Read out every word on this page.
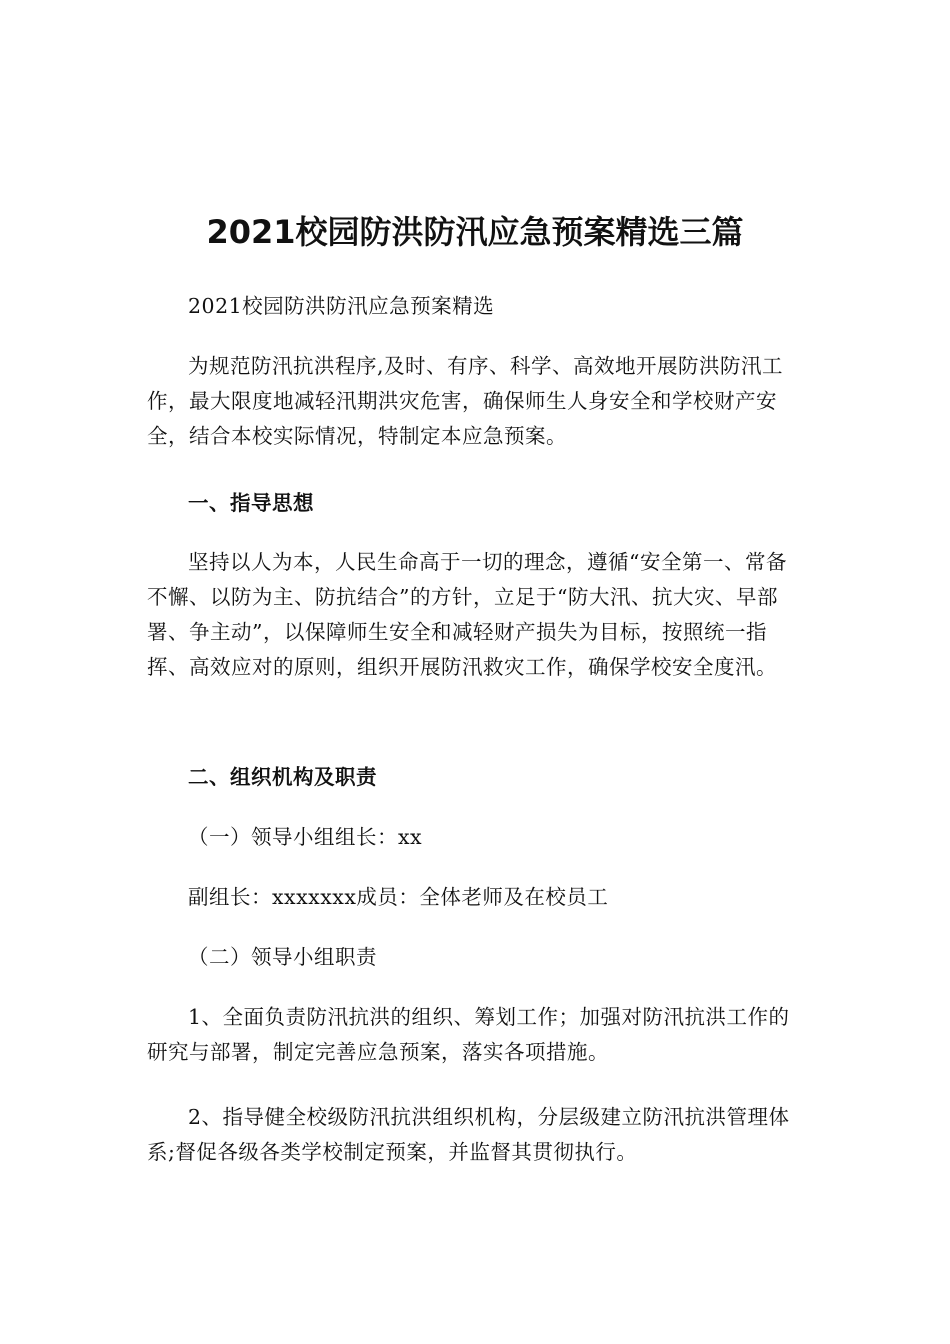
2021校园防洪防汛应急预案精选三篇

2021校园防洪防汛应急预案精选

为规范防汛抗洪程序,及时、有序、科学、高效地开展防洪防汛工作，最大限度地减轻汛期洪灾危害，确保师生人身安全和学校财产安全，结合本校实际情况，特制定本应急预案。

一、指导思想

坚持以人为本，人民生命高于一切的理念，遵循“安全第一、常备不懈、以防为主、防抗结合”的方针，立足于“防大汛、抗大灾、早部署、争主动”，以保障师生安全和减轻财产损失为目标，按照统一指挥、高效应对的原则，组织开展防汛救灾工作，确保学校安全度汛。

二、组织机构及职责

（一）领导小组组长：xx

副组长：xxxxxxx成员：全体老师及在校员工

（二）领导小组职责

1、全面负责防汛抗洪的组织、筹划工作；加强对防汛抗洪工作的研究与部署，制定完善应急预案，落实各项措施。

2、指导健全校级防汛抗洪组织机构，分层级建立防汛抗洪管理体系;督促各级各类学校制定预案，并监督其贯彻执行。
